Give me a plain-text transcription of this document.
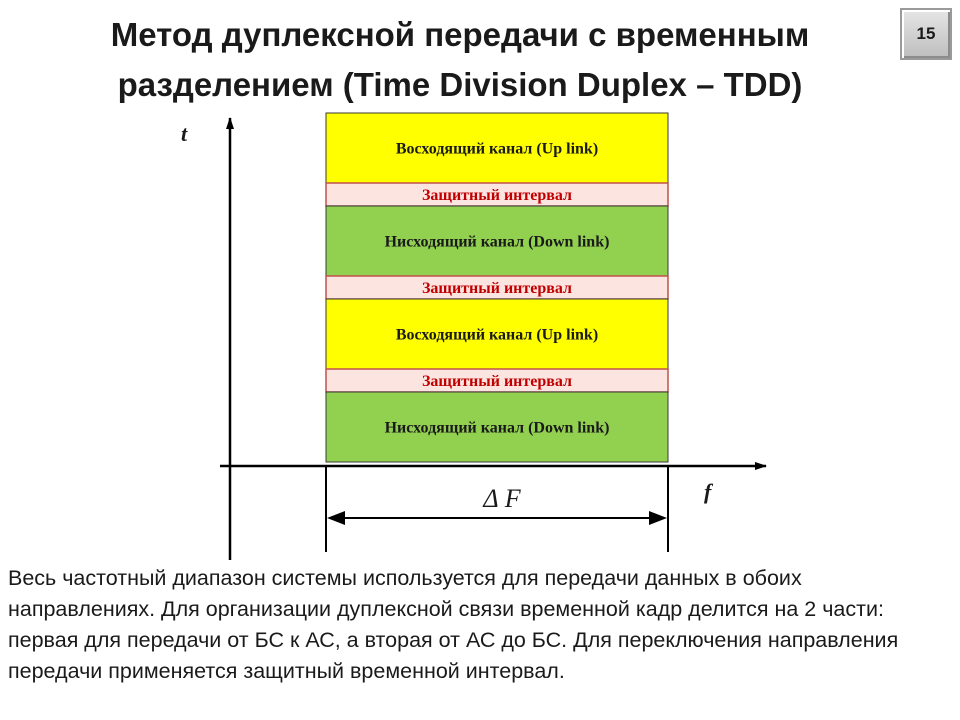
Метод дуплексной передачи с временным
разделением (Time Division Duplex – TDD)
15
Восходящий канал (Up link)
Защитный интервал
Нисходящий канал (Down link)
Защитный интервал
Восходящий канал (Up link)
Защитный интервал
Нисходящий канал (Down link)
t
f
Δ F
Весь частотный диапазон системы используется для передачи данных в обоих направлениях. Для организации дуплексной связи временной кадр делится на 2 части: первая для передачи от БС к АС, а вторая от АС до БС. Для переключения направления передачи применяется защитный временной интервал.
